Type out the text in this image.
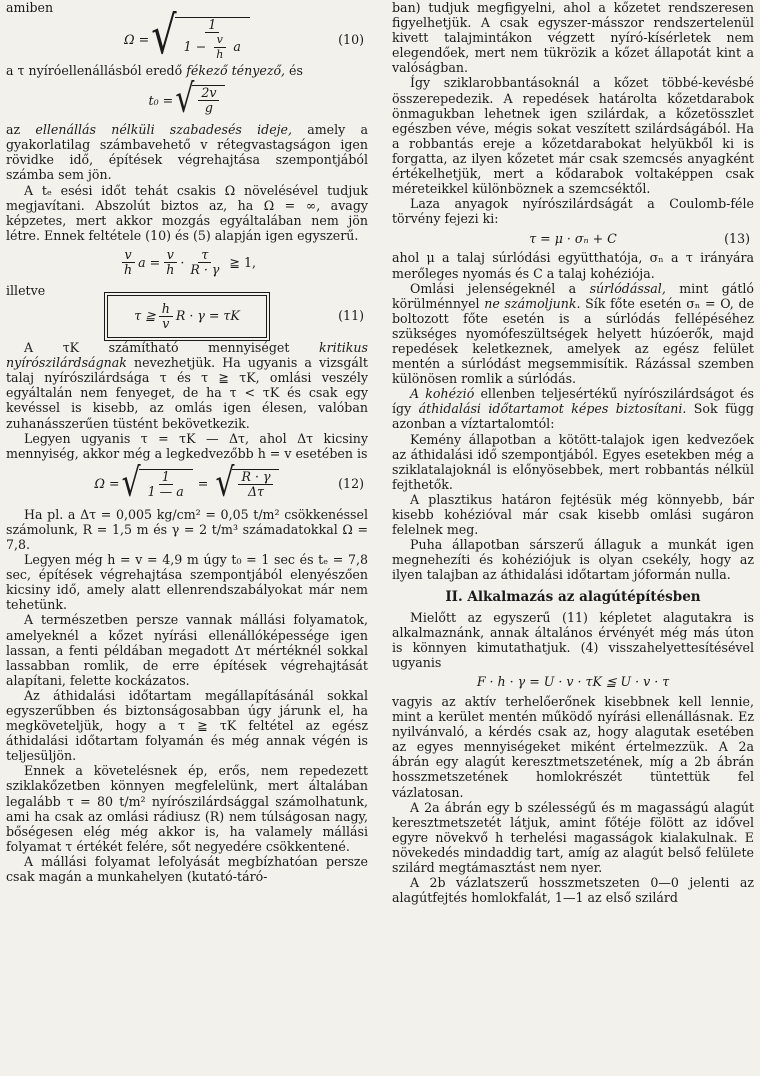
amiben

Ω = √	1
$1 - \frac{v}{h}$ a	(10)

a τ nyíróellenállásból eredő fékező tényező, és

t₀ = √ $\frac{2v}{g}$

az ellenállás nélküli szabadesés ideje, amely a gyakorlatilag számbavehető v rétegvastagságon igen rövidke idő, építések végrehajtása szempontjából számba sem jön.

A tₑ esési időt tehát csakis Ω növelésével tudjuk megjavítani. Abszolút biztos az, ha Ω = ∞, avagy képzetes, mert akkor mozgás egyáltalában nem jön létre. Ennek feltétele (10) és (5) alapján igen egyszerű.

$\frac{v}{h}$ $a = \frac{v}{h} \cdot \frac{\tau}{R \cdot \gamma}$ ≧ 1,

illetve

τ ≧ $\frac{h}{v}$ R · γ = τK	(11)

A τK számítható mennyiséget kritikus nyírószilárdságnak nevezhetjük. Ha ugyanis a vizsgált talaj nyírószilárdsága τ és τ ≧ τK, omlási veszély egyáltalán nem fenyeget, de ha τ < τK és csak egy kevéssel is kisebb, az omlás igen élesen, valóban zuhanásszerűen tüstént bekövetkezik.

Legyen ugyanis τ = τK — Δτ, ahol Δτ kicsiny mennyiség, akkor még a legkedvezőbb h = v esetében is

Ω = √ $\frac{1}{1 — a}$ = √ $\frac{R \cdot \gamma}{\Delta\tau}$	(12)

Ha pl. a Δτ = 0,005 kg/cm² = 0,05 t/m² csökkenéssel számolunk, R = 1,5 m és γ = 2 t/m³ számadatokkal Ω = 7,8.

Legyen még h = v = 4,9 m úgy t₀ = 1 sec és tₑ = 7,8 sec, építések végrehajtása szempontjából elenyészően kicsiny idő, amely alatt ellenrendszabályokat már nem tehetünk.

A természetben persze vannak mállási folyamatok, amelyeknél a kőzet nyírási ellenállóképessége igen lassan, a fenti példában megadott Δτ mértéknél sokkal lassabban romlik, de erre építések végrehajtását alapítani, felette kockázatos.

Az áthidalási időtartam megállapításánál sokkal egyszerűbben és biztonságosabban úgy járunk el, ha megköveteljük, hogy a τ ≧ τK feltétel az egész áthidalási időtartam folyamán és még annak végén is teljesüljön.

Ennek a követelésnek ép, erős, nem repedezett sziklakőzetben könnyen megfelelünk, mert általában legalább τ = 80 t/m² nyírószilárdsággal számolhatunk, ami ha csak az omlási rádiusz (R) nem túlságosan nagy, bőségesen elég még akkor is, ha valamely mállási folyamat τ értékét felére, sőt negyedére csökkentené.

A mállási folyamat lefolyását megbízhatóan persze csak magán a munkahelyen (kutató-táró-

ban) tudjuk megfigyelni, ahol a kőzetet rendszeresen figyelhetjük. A csak egyszer-másszor rendszertelenül kivett talajmintákon végzett nyíró-kísérletek nem elegendőek, mert nem tükrözik a kőzet állapotát kint a valóságban.

Így sziklarobbantásoknál a kőzet többé-kevésbé összerepedezik. A repedések határolta kőzetdarabok önmagukban lehetnek igen szilárdak, a kőzetösszlet egészben véve, mégis sokat veszített szilárdságából. Ha a robbantás ereje a kőzetdarabokat helyükből ki is forgatta, az ilyen kőzetet már csak szemcsés anyagként értékelhetjük, mert a kődarabok voltaképpen csak méreteikkel különböznek a szemcséktől.

Laza anyagok nyírószilárdságát a Coulomb-féle törvény fejezi ki:

τ = μ · σₙ + C	(13)

ahol μ a talaj súrlódási együtthatója, σₙ a τ irányára merőleges nyomás és C a talaj kohéziója.

Omlási jelenségeknél a súrlódással, mint gátló körülménnyel ne számoljunk. Sík főte esetén σₙ = O, de boltozott főte esetén is a súrlódás fellépéséhez szükséges nyomófeszültségek helyett húzóerők, majd repedések keletkeznek, amelyek az egész felület mentén a súrlódást megsemmisítik. Rázással szemben különösen romlik a súrlódás.

A kohézió ellenben teljesértékű nyírószilárdságot és így áthidalási időtartamot képes biztosítani. Sok függ azonban a víztartalomtól:

Kemény állapotban a kötött-talajok igen kedvezőek az áthidalási idő szempontjából. Egyes esetekben még a sziklatalajoknál is előnyösebbek, mert robbantás nélkül fejthetők.

A plasztikus határon fejtésük még könnyebb, bár kisebb kohézióval már csak kisebb omlási sugáron felelnek meg.

Puha állapotban sárszerű állaguk a munkát igen megnehezíti és kohéziójuk is olyan csekély, hogy az ilyen talajban az áthidalási időtartam jóformán nulla.

II. Alkalmazás az alagútépítésben

Mielőtt az egyszerű (11) képletet alagutakra is alkalmaznánk, annak általános érvényét még más úton is könnyen kimutathatjuk. (4) visszahelyettesítésével ugyanis

F · h · γ = U · v · τK ≦ U · v · τ

vagyis az aktív terhelőerőnek kisebbnek kell lennie, mint a kerület mentén működő nyírási ellenállásnak. Ez nyilvánvaló, a kérdés csak az, hogy alagutak esetében az egyes mennyiségeket miként értelmezzük. A 2a ábrán egy alagút keresztmetszetének, míg a 2b ábrán hosszmetszetének homlokrészét tüntettük fel vázlatosan.

A 2a ábrán egy b szélességű és m magasságú alagút keresztmetszetét látjuk, amint főtéje fölött az idővel egyre növekvő h terhelési magasságok kialakulnak. E növekedés mindaddig tart, amíg az alagút belső felülete szilárd megtámasztást nem nyer.

A 2b vázlatszerű hosszmetszeten 0—0 jelenti az alagútfejtés homlokfalát, 1—1 az első szilárd
